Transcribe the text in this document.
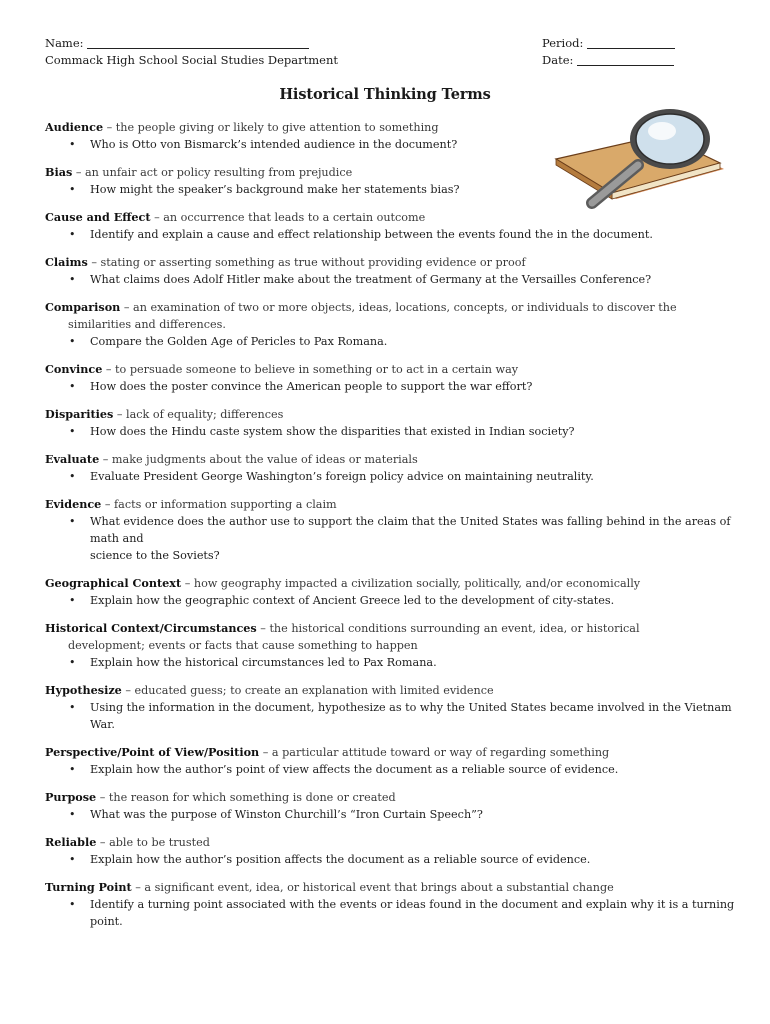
Name:
Commack High School Social Studies Department
Period:
Date:
Historical Thinking Terms
Audience – the people giving or likely to give attention to something
• Who is Otto von Bismarck’s intended audience in the document?
Bias – an unfair act or policy resulting from prejudice
• How might the speaker’s background make her statements bias?
Cause and Effect – an occurrence that leads to a certain outcome
• Identify and explain a cause and effect relationship between the events found the in the document.
Claims – stating or asserting something as true without providing evidence or proof
• What claims does Adolf Hitler make about the treatment of Germany at the Versailles Conference?
Comparison – an examination of two or more objects, ideas, locations, concepts, or individuals to discover the
similarities and differences.
• Compare the Golden Age of Pericles to Pax Romana.
Convince – to persuade someone to believe in something or to act in a certain way
• How does the poster convince the American people to support the war effort?
Disparities – lack of equality; differences
• How does the Hindu caste system show the disparities that existed in Indian society?
Evaluate – make judgments about the value of ideas or materials
• Evaluate President George Washington’s foreign policy advice on maintaining neutrality.
Evidence – facts or information supporting a claim
• What evidence does the author use to support the claim that the United States was falling behind in the areas of math and
science to the Soviets?
Geographical Context – how geography impacted a civilization socially, politically, and/or economically
• Explain how the geographic context of Ancient Greece led to the development of city-states.
Historical Context/Circumstances – the historical conditions surrounding an event, idea, or historical
development; events or facts that cause something to happen
• Explain how the historical circumstances led to Pax Romana.
Hypothesize – educated guess; to create an explanation with limited evidence
• Using the information in the document, hypothesize as to why the United States became involved in the Vietnam War.
Perspective/Point of View/Position – a particular attitude toward or way of regarding something
• Explain how the author’s point of view affects the document as a reliable source of evidence.
Purpose – the reason for which something is done or created
• What was the purpose of Winston Churchill’s “Iron Curtain Speech”?
Reliable – able to be trusted
• Explain how the author’s position affects the document as a reliable source of evidence.
Turning Point – a significant event, idea, or historical event that brings about a substantial change
• Identify a turning point associated with the events or ideas found in the document and explain why it is a turning point.
